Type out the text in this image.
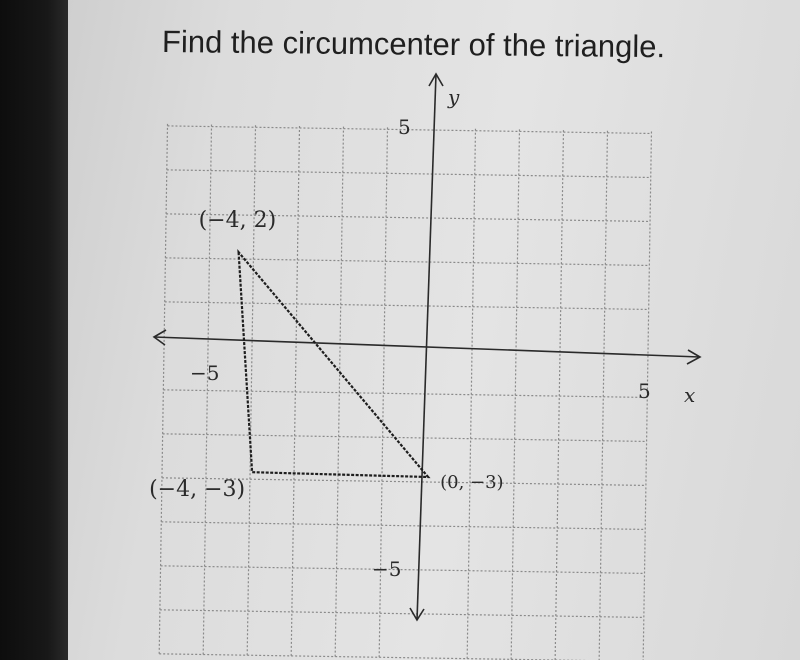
Find the circumcenter of the triangle.
−5
5
5
−5
x
y
(−4, 2)
(−4, −3)	(0, −3)
